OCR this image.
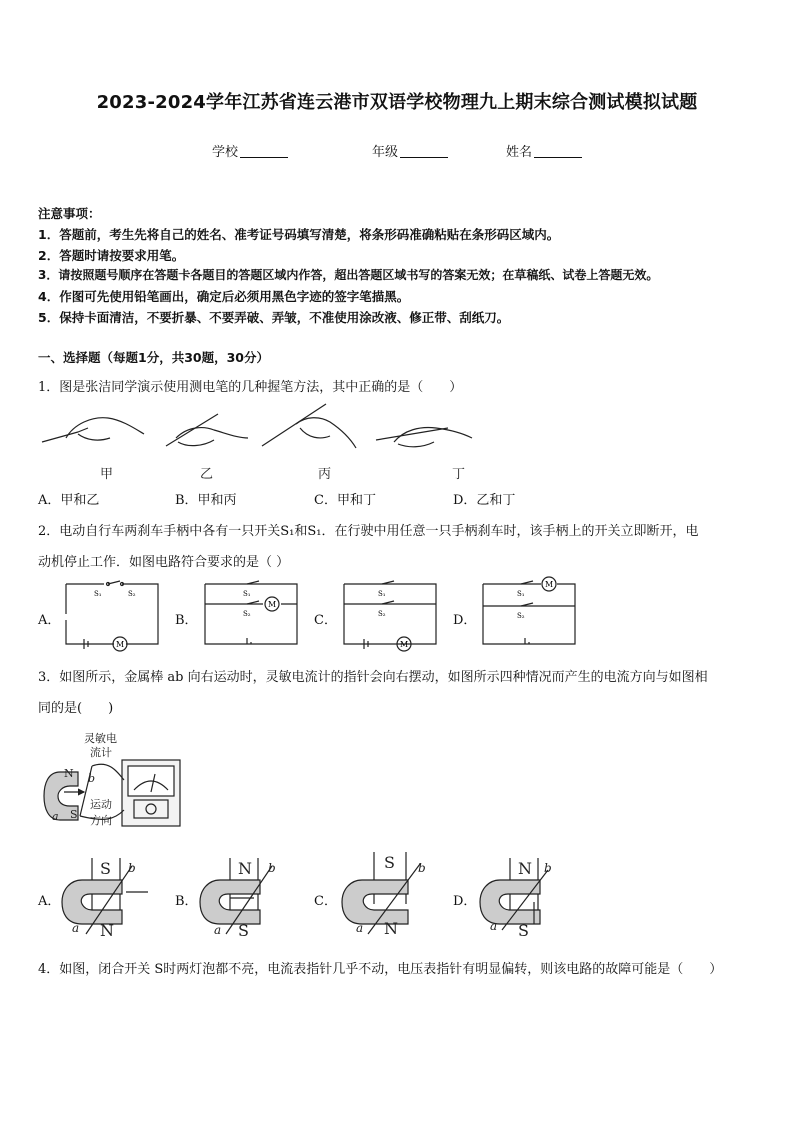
2023-2024学年江苏省连云港市双语学校物理九上期末综合测试模拟试题
学校	年级	姓名
注意事项：
1．答题前，考生先将自己的姓名、准考证号码填写清楚，将条形码准确粘贴在条形码区域内。
2．答题时请按要求用笔。
3．请按照题号顺序在答题卡各题目的答题区域内作答，超出答题区域书写的答案无效；在草稿纸、试卷上答题无效。
4．作图可先使用铅笔画出，确定后必须用黑色字迹的签字笔描黑。
5．保持卡面清洁，不要折暴、不要弄破、弄皱，不准使用涂改液、修正带、刮纸刀。
一、选择题（每题1分，共30题，30分）
1．图是张洁同学演示使用测电笔的几种握笔方法，其中正确的是（　　）
甲	乙	丙	丁
A．甲和乙	B．甲和丙	C．甲和丁	D．乙和丁
2．电动自行车两刹车手柄中各有一只开关S₁和S₁．在行驶中用任意一只手柄刹车时，该手柄上的开关立即断开，电
动机停止工作．如图电路符合要求的是（ ）
A．	B．	C．	D．
S₁	S₂
M
S₁
S₂
M
S₁
S₂
M
S₁
S₂
M
3．如图所示，金属棒 ab 向右运动时，灵敏电流计的指针会向右摆动，如图所示四种情况而产生的电流方向与如图相
同的是(　　)
灵敏电
流计
N b
运动
方向
S
a
A．	B．	C．	D．
S
N
b
a
N
S
b
a
S
N
b
a
N
S
b
a
4．如图，闭合开关 S时两灯泡都不亮，电流表指针几乎不动，电压表指针有明显偏转，则该电路的故障可能是（　　）
